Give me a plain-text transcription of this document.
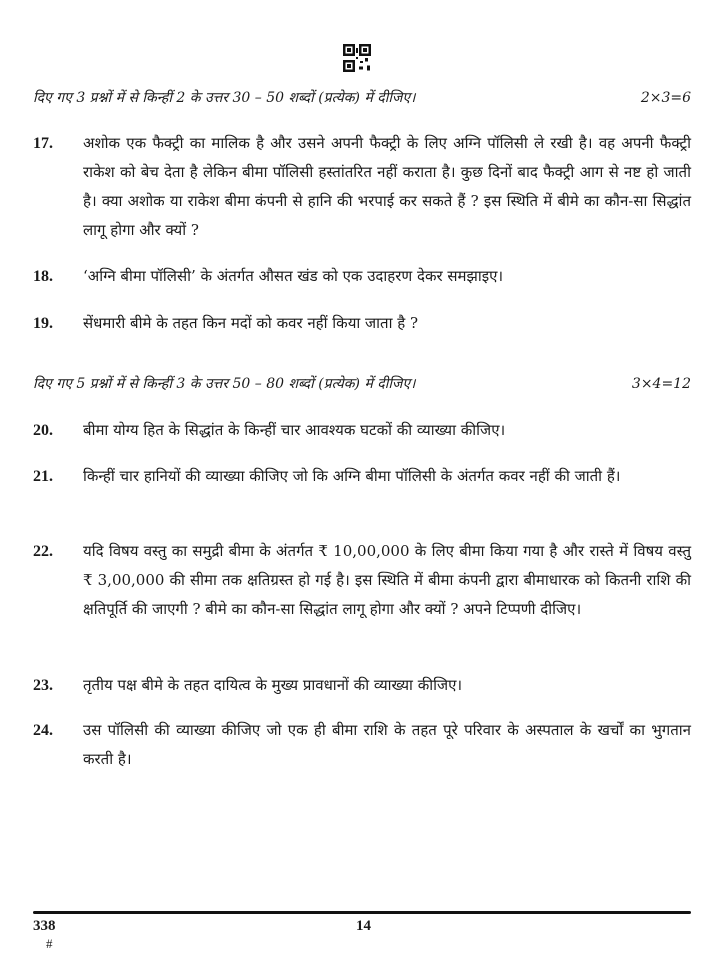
दिए गए 3 प्रश्नों में से किन्हीं 2 के उत्तर 30 – 50 शब्दों (प्रत्येक) में दीजिए।	2×3=6
17.	अशोक एक फैक्ट्री का मालिक है और उसने अपनी फैक्ट्री के लिए अग्नि पॉलिसी ले रखी है। वह अपनी फैक्ट्री राकेश को बेच देता है लेकिन बीमा पॉलिसी हस्तांतरित नहीं कराता है। कुछ दिनों बाद फैक्ट्री आग से नष्ट हो जाती है। क्या अशोक या राकेश बीमा कंपनी से हानि की भरपाई कर सकते हैं ? इस स्थिति में बीमे का कौन-सा सिद्धांत लागू होगा और क्यों ?
18.	‘अग्नि बीमा पॉलिसी’ के अंतर्गत औसत खंड को एक उदाहरण देकर समझाइए।
19.	सेंधमारी बीमे के तहत किन मदों को कवर नहीं किया जाता है ?
दिए गए 5 प्रश्नों में से किन्हीं 3 के उत्तर 50 – 80 शब्दों (प्रत्येक) में दीजिए।	3×4=12
20.	बीमा योग्य हित के सिद्धांत के किन्हीं चार आवश्यक घटकों की व्याख्या कीजिए।
21.	किन्हीं चार हानियों की व्याख्या कीजिए जो कि अग्नि बीमा पॉलिसी के अंतर्गत कवर नहीं की जाती हैं।
22.	यदि विषय वस्तु का समुद्री बीमा के अंतर्गत ₹ 10,00,000 के लिए बीमा किया गया है और रास्ते में विषय वस्तु ₹ 3,00,000 की सीमा तक क्षतिग्रस्त हो गई है। इस स्थिति में बीमा कंपनी द्वारा बीमाधारक को कितनी राशि की क्षतिपूर्ति की जाएगी ? बीमे का कौन-सा सिद्धांत लागू होगा और क्यों ? अपने टिप्पणी दीजिए।
23.	तृतीय पक्ष बीमे के तहत दायित्व के मुख्य प्रावधानों की व्याख्या कीजिए।
24.	उस पॉलिसी की व्याख्या कीजिए जो एक ही बीमा राशि के तहत पूरे परिवार के अस्पताल के खर्चों का भुगतान करती है।
338
#
14
